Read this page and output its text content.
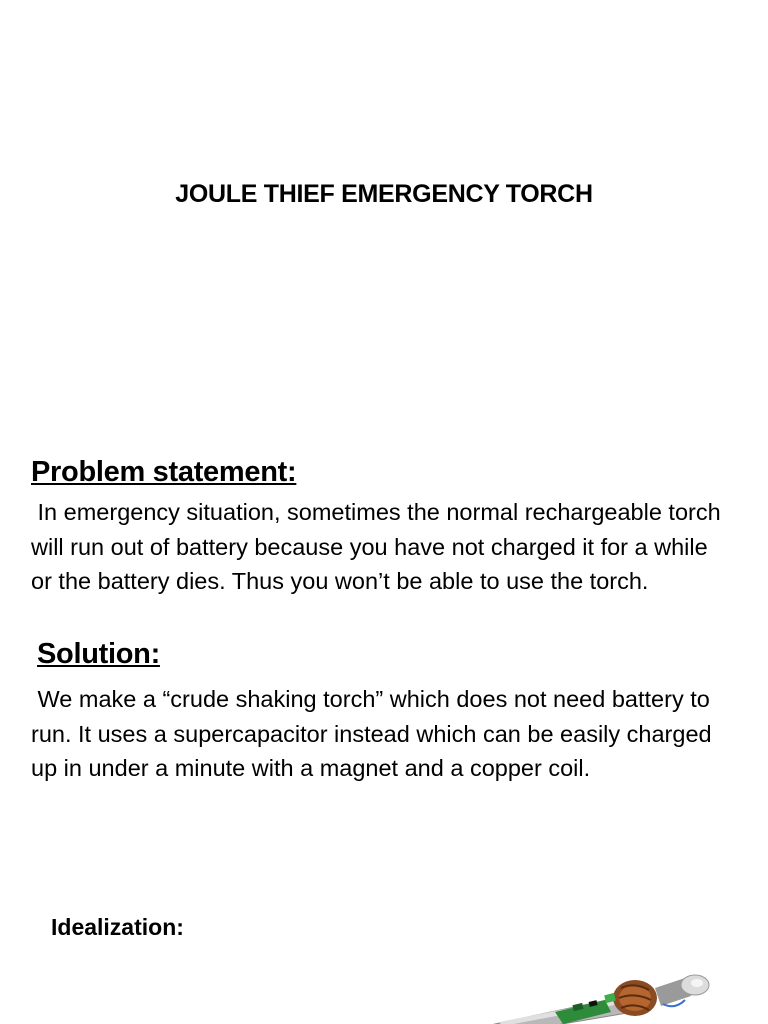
JOULE THIEF EMERGENCY TORCH
Problem statement:
In emergency situation, sometimes the normal rechargeable torch will run out of battery because you have not charged it for a while or the battery dies. Thus you won’t be able to use the torch.
Solution:
We make a “crude shaking torch” which does not need battery to run. It uses a supercapacitor instead which can be easily charged up in under a minute with a magnet and a copper coil.
Idealization:
